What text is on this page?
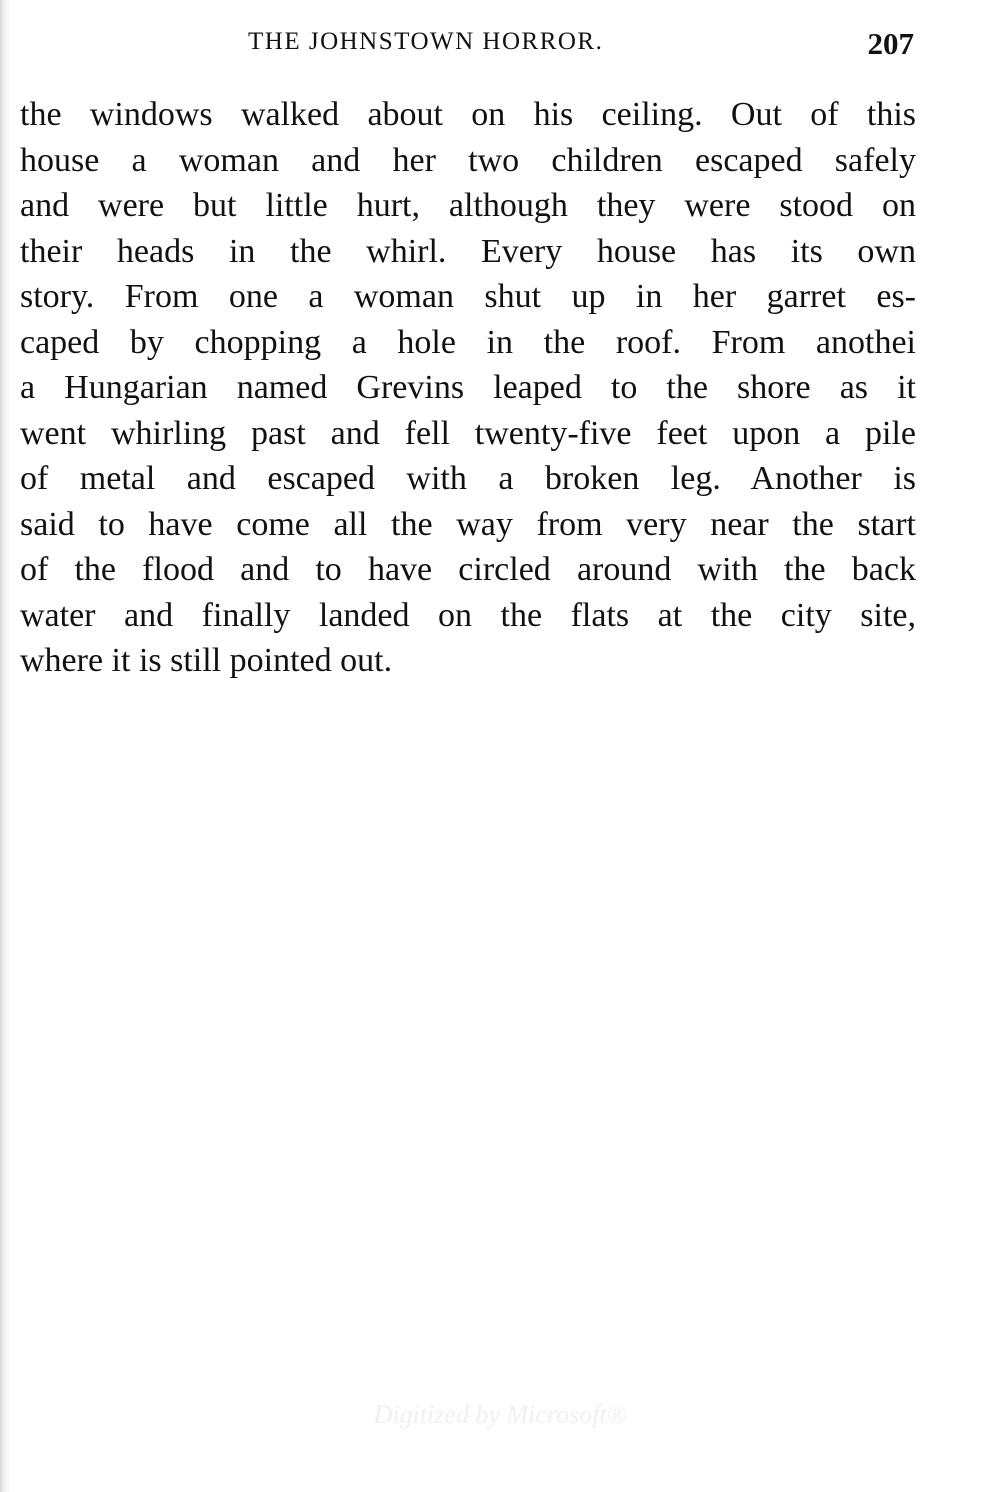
THE JOHNSTOWN HORROR.	207
the windows walked about on his ceiling. Out of this
house a woman and her two children escaped safely
and were but little hurt, although they were stood on
their heads in the whirl. Every house has its own
story. From one a woman shut up in her garret es-
caped by chopping a hole in the roof. From anothei
a Hungarian named Grevins leaped to the shore as it
went whirling past and fell twenty-five feet upon a pile
of metal and escaped with a broken leg. Another is
said to have come all the way from very near the start
of the flood and to have circled around with the back
water and finally landed on the flats at the city site,
where it is still pointed out.
Digitized by Microsoft®
